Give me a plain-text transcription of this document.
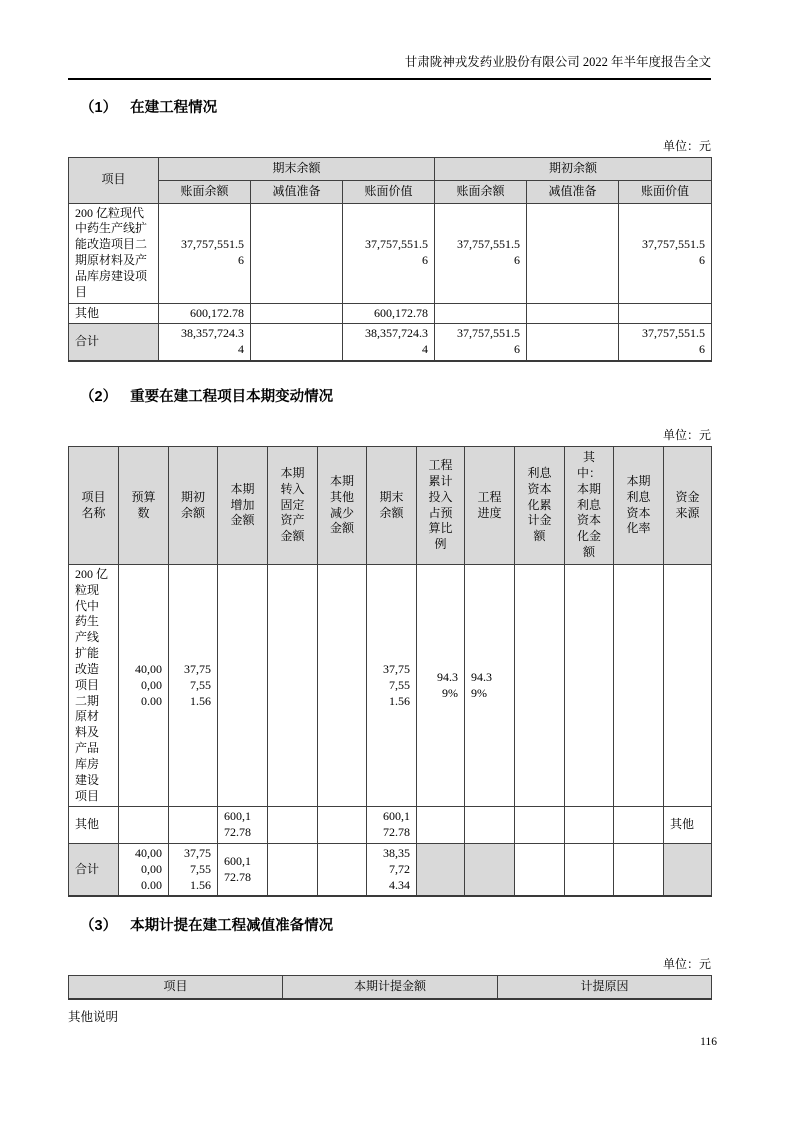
甘肃陇神戎发药业股份有限公司 2022 年半年度报告全文
（1） 在建工程情况
单位：元
项目	期末余额			期初余额		
	账面余额	减值准备	账面价值	账面余额	减值准备	账面价值
200 亿粒现代中药生产线扩能改造项目二期原材料及产品库房建设项目	37,757,551.56		37,757,551.56	37,757,551.56		37,757,551.56
其他	600,172.78		600,172.78			
合计	38,357,724.34		38,357,724.34	37,757,551.56		37,757,551.56
（2） 重要在建工程项目本期变动情况
单位：元
项目名称	预算数	期初余额	本期增加金额	本期转入固定资产金额	本期其他减少金额	期末余额	工程累计投入占预算比例	工程进度	利息资本化累计金额	其中：本期利息资本化金额	本期利息资本化率	资金来源
200 亿粒现代中药生产线扩能改造项目二期原材料及产品库房建设项目	40,000,000.00	37,757,551.56				37,757,551.56	94.39%	94.39%				
其他			600,172.78			600,172.78						其他
合计	40,000,000.00	37,757,551.56	600,172.78			38,357,724.34						
（3） 本期计提在建工程减值准备情况
单位：元
项目	本期计提金额	计提原因
其他说明
116
